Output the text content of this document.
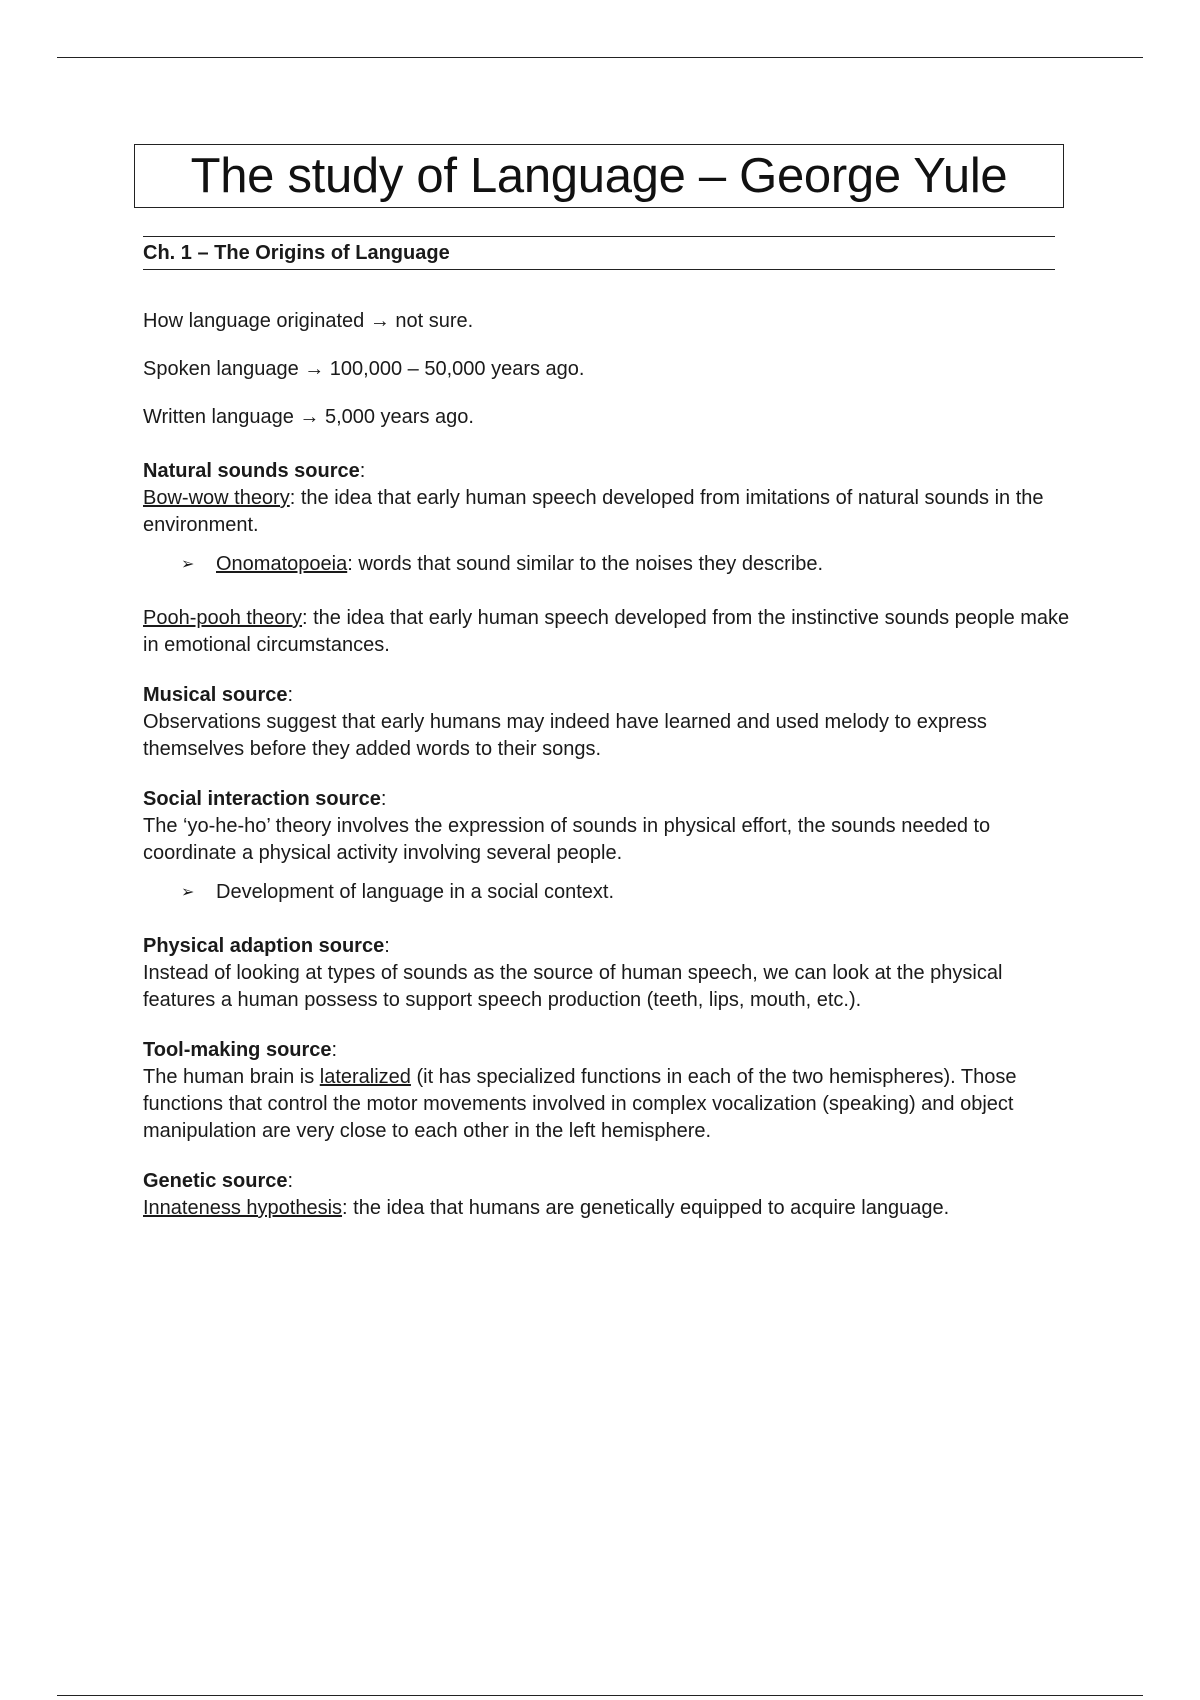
The study of Language – George Yule
Ch. 1 – The Origins of Language

How language originated → not sure.

Spoken language → 100,000 – 50,000 years ago.

Written language → 5,000 years ago.

Natural sounds source:

Bow-wow theory: the idea that early human speech developed from imitations of natural sounds in the environment.

➢ Onomatopoeia: words that sound similar to the noises they describe.

Pooh-pooh theory: the idea that early human speech developed from the instinctive sounds people make in emotional circumstances.

Musical source:

Observations suggest that early humans may indeed have learned and used melody to express themselves before they added words to their songs.

Social interaction source:

The ‘yo-he-ho’ theory involves the expression of sounds in physical effort, the sounds needed to coordinate a physical activity involving several people.

➢ Development of language in a social context.

Physical adaption source:

Instead of looking at types of sounds as the source of human speech, we can look at the physical features a human possess to support speech production (teeth, lips, mouth, etc.).

Tool-making source:

The human brain is lateralized (it has specialized functions in each of the two hemispheres). Those functions that control the motor movements involved in complex vocalization (speaking) and object manipulation are very close to each other in the left hemisphere.

Genetic source:

Innateness hypothesis: the idea that humans are genetically equipped to acquire language.
